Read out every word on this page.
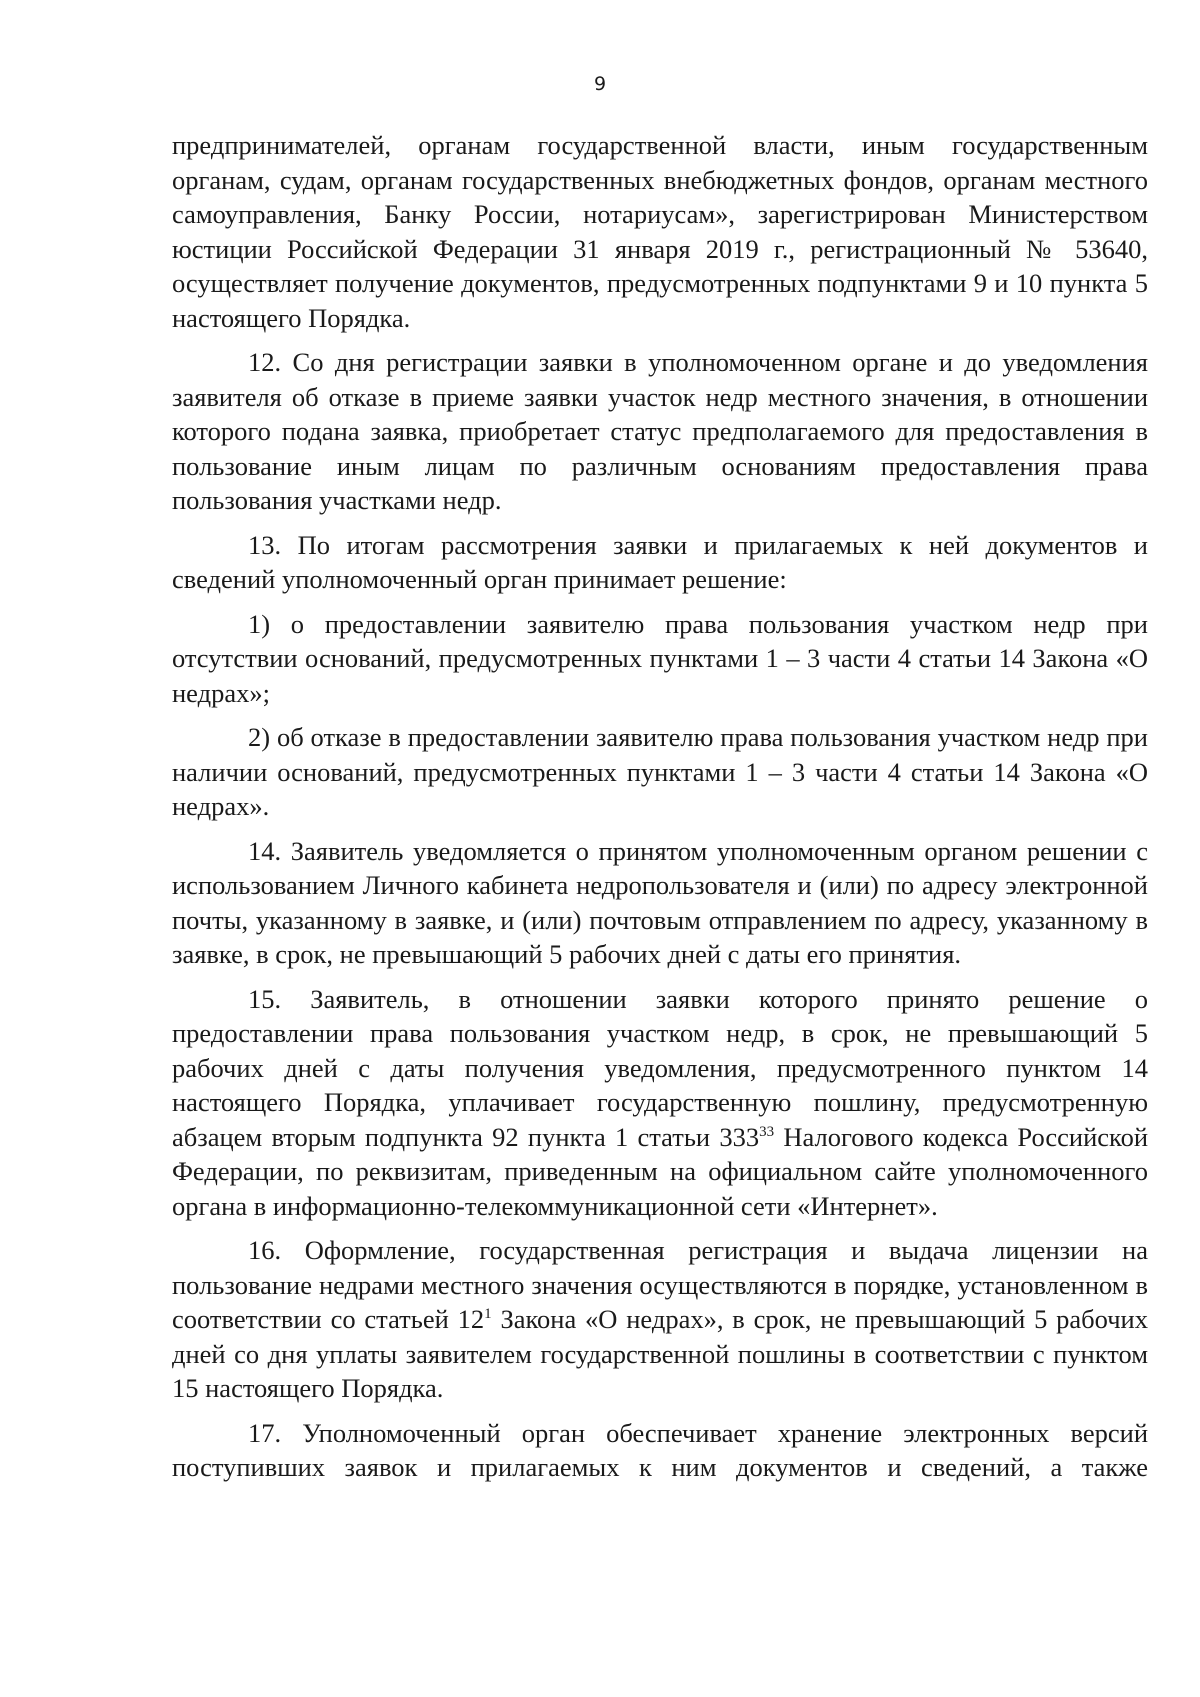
9

предпринимателей, органам государственной власти, иным государственным органам, судам, органам государственных внебюджетных фондов, органам местного самоуправления, Банку России, нотариусам», зарегистрирован Министерством юстиции Российской Федерации 31 января 2019 г., регистрационный № 53640, осуществляет получение документов, предусмотренных подпунктами 9 и 10 пункта 5 настоящего Порядка.

12. Со дня регистрации заявки в уполномоченном органе и до уведомления заявителя об отказе в приеме заявки участок недр местного значения, в отношении которого подана заявка, приобретает статус предполагаемого для предоставления в пользование иным лицам по различным основаниям предоставления права пользования участками недр.

13. По итогам рассмотрения заявки и прилагаемых к ней документов и сведений уполномоченный орган принимает решение:

1) о предоставлении заявителю права пользования участком недр при отсутствии оснований, предусмотренных пунктами 1 – 3 части 4 статьи 14 Закона «О недрах»;

2) об отказе в предоставлении заявителю права пользования участком недр при наличии оснований, предусмотренных пунктами 1 – 3 части 4 статьи 14 Закона «О недрах».

14. Заявитель уведомляется о принятом уполномоченным органом решении с использованием Личного кабинета недропользователя и (или) по адресу электронной почты, указанному в заявке, и (или) почтовым отправлением по адресу, указанному в заявке, в срок, не превышающий 5 рабочих дней с даты его принятия.

15. Заявитель, в отношении заявки которого принято решение о предоставлении права пользования участком недр, в срок, не превышающий 5 рабочих дней с даты получения уведомления, предусмотренного пунктом 14 настоящего Порядка, уплачивает государственную пошлину, предусмотренную абзацем вторым подпункта 92 пункта 1 статьи $333^{33}$ Налогового кодекса Российской Федерации, по реквизитам, приведенным на официальном сайте уполномоченного органа в информационно-телекоммуникационной сети «Интернет».

16. Оформление, государственная регистрация и выдача лицензии на пользование недрами местного значения осуществляются в порядке, установленном в соответствии со статьей $12^1$ Закона «О недрах», в срок, не превышающий 5 рабочих дней со дня уплаты заявителем государственной пошлины в соответствии с пунктом 15 настоящего Порядка.

17. Уполномоченный орган обеспечивает хранение электронных версий поступивших заявок и прилагаемых к ним документов и сведений, а также
